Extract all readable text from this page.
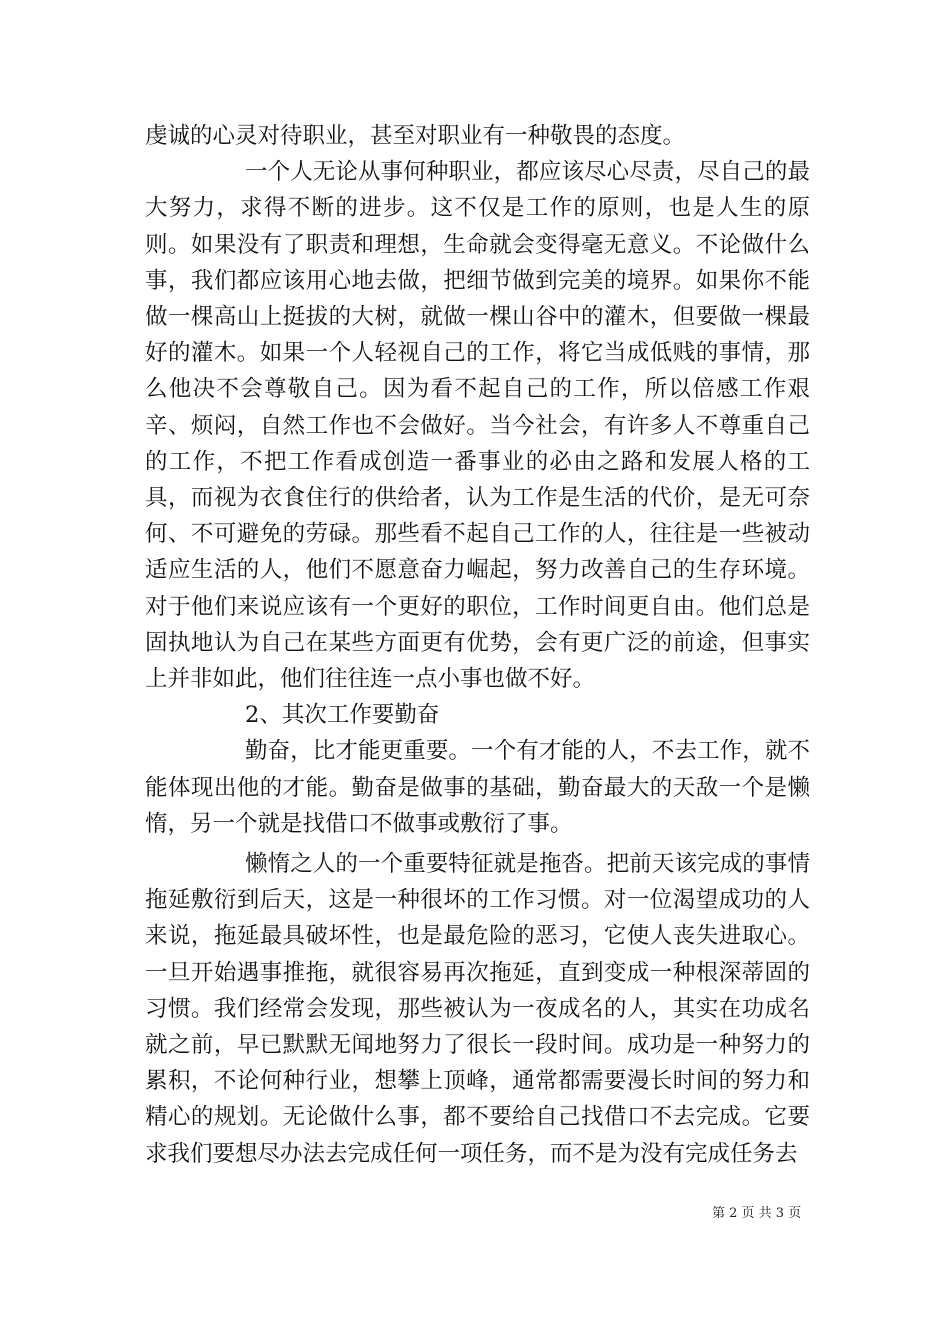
虔诚的心灵对待职业，甚至对职业有一种敬畏的态度。

一个人无论从事何种职业，都应该尽心尽责，尽自己的最大努力，求得不断的进步。这不仅是工作的原则，也是人生的原则。如果没有了职责和理想，生命就会变得毫无意义。不论做什么事，我们都应该用心地去做，把细节做到完美的境界。如果你不能做一棵高山上挺拔的大树，就做一棵山谷中的灌木，但要做一棵最好的灌木。如果一个人轻视自己的工作，将它当成低贱的事情，那么他决不会尊敬自己。因为看不起自己的工作，所以倍感工作艰辛、烦闷，自然工作也不会做好。当今社会，有许多人不尊重自己的工作，不把工作看成创造一番事业的必由之路和发展人格的工具，而视为衣食住行的供给者，认为工作是生活的代价，是无可奈何、不可避免的劳碌。那些看不起自己工作的人，往往是一些被动适应生活的人，他们不愿意奋力崛起，努力改善自己的生存环境。对于他们来说应该有一个更好的职位，工作时间更自由。他们总是固执地认为自己在某些方面更有优势，会有更广泛的前途，但事实上并非如此，他们往往连一点小事也做不好。

2、其次工作要勤奋

勤奋，比才能更重要。一个有才能的人，不去工作，就不能体现出他的才能。勤奋是做事的基础，勤奋最大的天敌一个是懒惰，另一个就是找借口不做事或敷衍了事。

懒惰之人的一个重要特征就是拖沓。把前天该完成的事情拖延敷衍到后天，这是一种很坏的工作习惯。对一位渴望成功的人来说，拖延最具破坏性，也是最危险的恶习，它使人丧失进取心。一旦开始遇事推拖，就很容易再次拖延，直到变成一种根深蒂固的习惯。我们经常会发现，那些被认为一夜成名的人，其实在功成名就之前，早已默默无闻地努力了很长一段时间。成功是一种努力的累积，不论何种行业，想攀上顶峰，通常都需要漫长时间的努力和精心的规划。无论做什么事，都不要给自己找借口不去完成。它要求我们要想尽办法去完成任何一项任务，而不是为没有完成任务去

第 2 页 共 3 页
